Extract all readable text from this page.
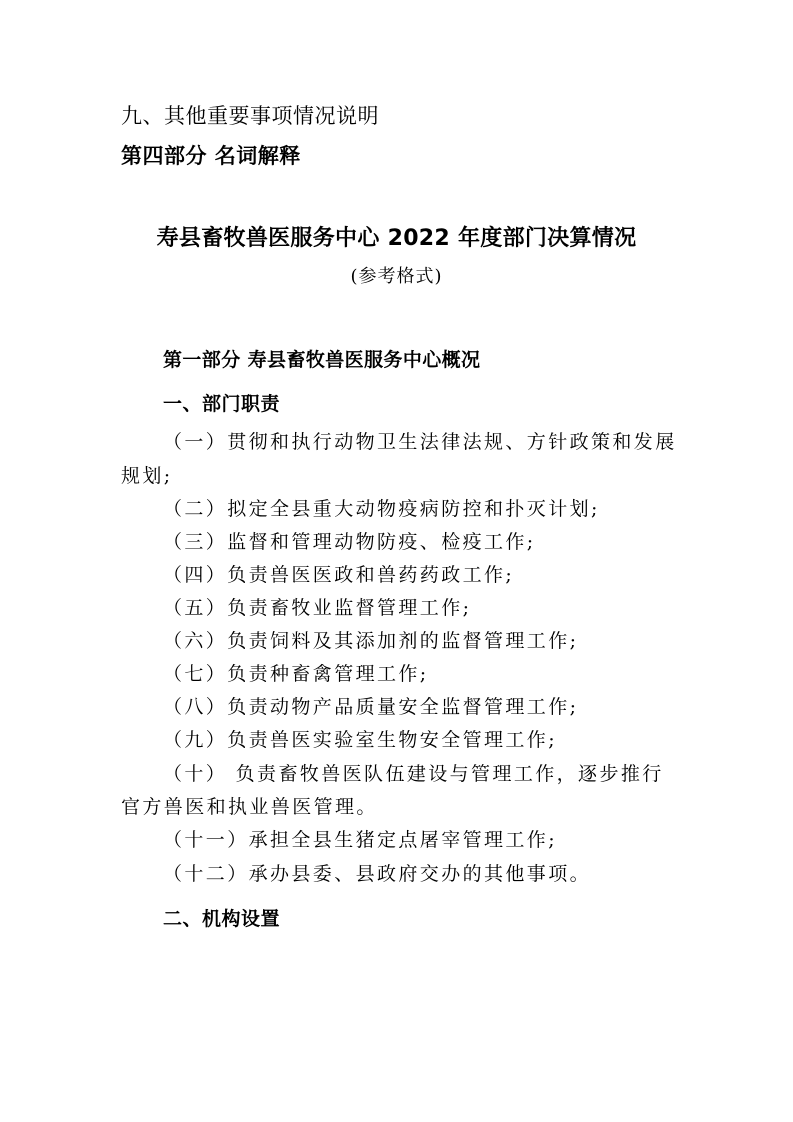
九、其他重要事项情况说明

第四部分 名词解释

寿县畜牧兽医服务中心 2022 年度部门决算情况

(参考格式)

第一部分 寿县畜牧兽医服务中心概况
一、部门职责

（一）贯彻和执行动物卫生法律法规、方针政策和发展

规划;

（二）拟定全县重大动物疫病防控和扑灭计划;

（三）监督和管理动物防疫、检疫工作;

（四）负责兽医医政和兽药药政工作;

（五）负责畜牧业监督管理工作;

（六）负责饲料及其添加剂的监督管理工作;

（七）负责种畜禽管理工作;

（八）负责动物产品质量安全监督管理工作;

（九）负责兽医实验室生物安全管理工作;

（十） 负责畜牧兽医队伍建设与管理工作，逐步推行

官方兽医和执业兽医管理。

（十一）承担全县生猪定点屠宰管理工作;

（十二）承办县委、县政府交办的其他事项。

二、机构设置
